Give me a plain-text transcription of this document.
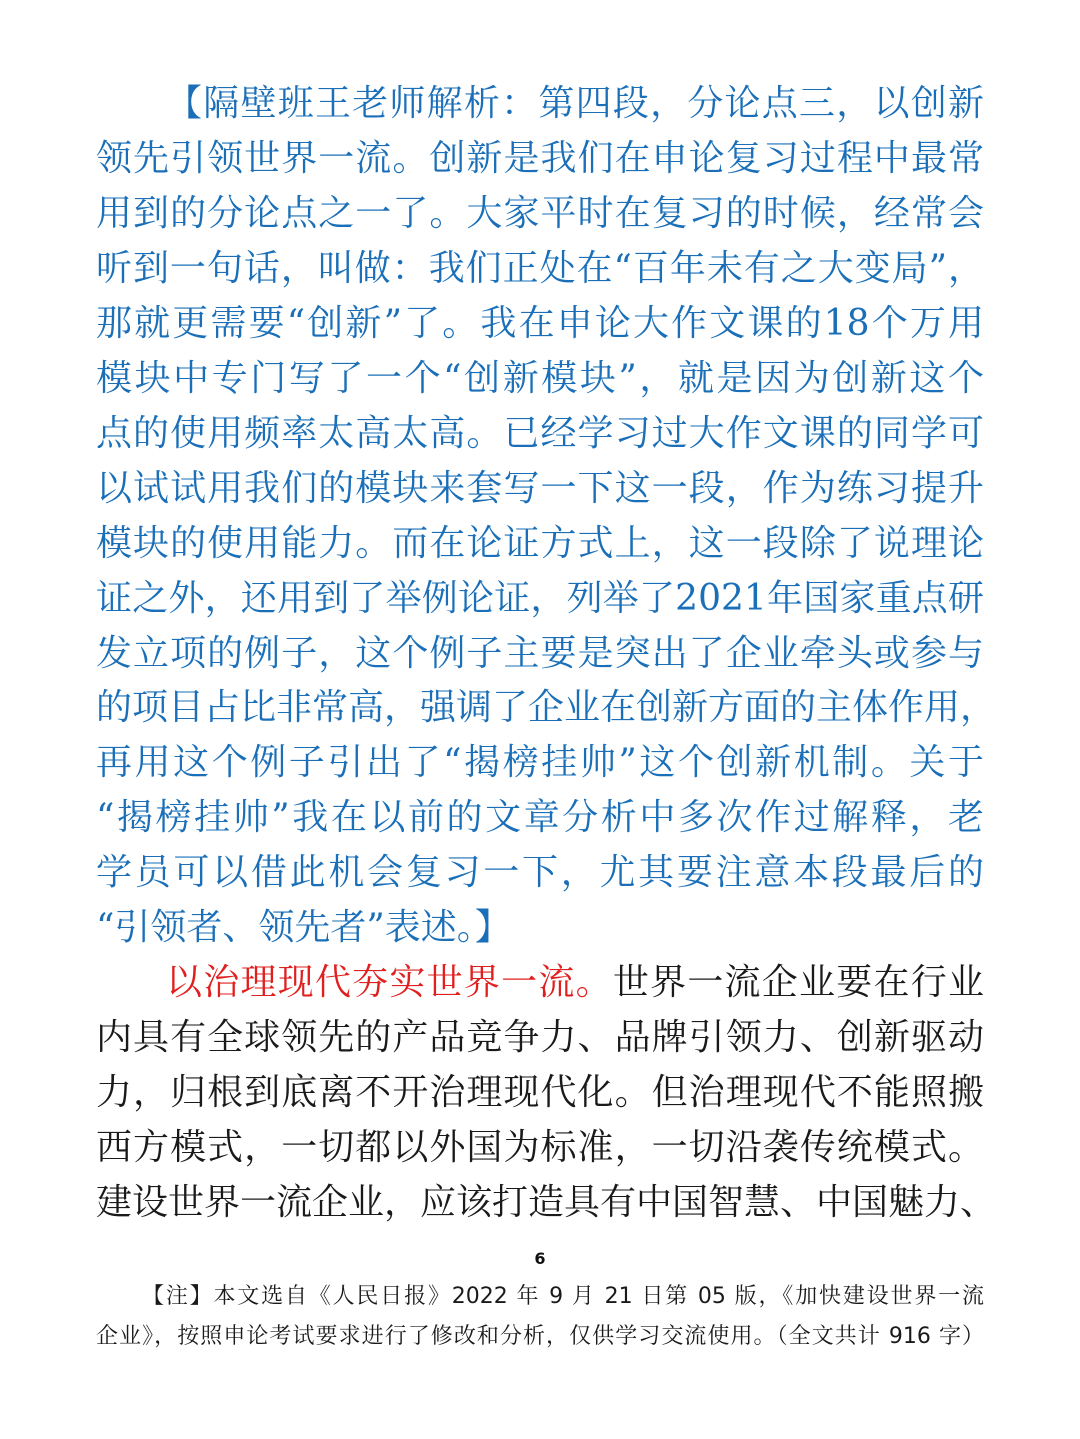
【隔壁班王老师解析：第四段，分论点三，以创新
领先引领世界一流。创新是我们在申论复习过程中最常
用到的分论点之一了。大家平时在复习的时候，经常会
听到一句话，叫做：我们正处在“百年未有之大变局”，
那就更需要“创新”了。我在申论大作文课的18个万用
模块中专门写了一个“创新模块”，就是因为创新这个
点的使用频率太高太高。已经学习过大作文课的同学可
以试试用我们的模块来套写一下这一段，作为练习提升
模块的使用能力。而在论证方式上，这一段除了说理论
证之外，还用到了举例论证，列举了2021年国家重点研
发立项的例子，这个例子主要是突出了企业牵头或参与
的项目占比非常高，强调了企业在创新方面的主体作用，
再用这个例子引出了“揭榜挂帅”这个创新机制。关于
“揭榜挂帅”我在以前的文章分析中多次作过解释，老
学员可以借此机会复习一下，尤其要注意本段最后的
“引领者、领先者”表述。】
以治理现代夯实世界一流。世界一流企业要在行业
内具有全球领先的产品竞争力、品牌引领力、创新驱动
力，归根到底离不开治理现代化。但治理现代不能照搬
西方模式，一切都以外国为标准，一切沿袭传统模式。
建设世界一流企业，应该打造具有中国智慧、中国魅力、
6
【注】本文选自《人民日报》2022 年 9 月 21 日第 05 版，《加快建设世界一流
企业》，按照申论考试要求进行了修改和分析，仅供学习交流使用。（全文共计 916 字）
